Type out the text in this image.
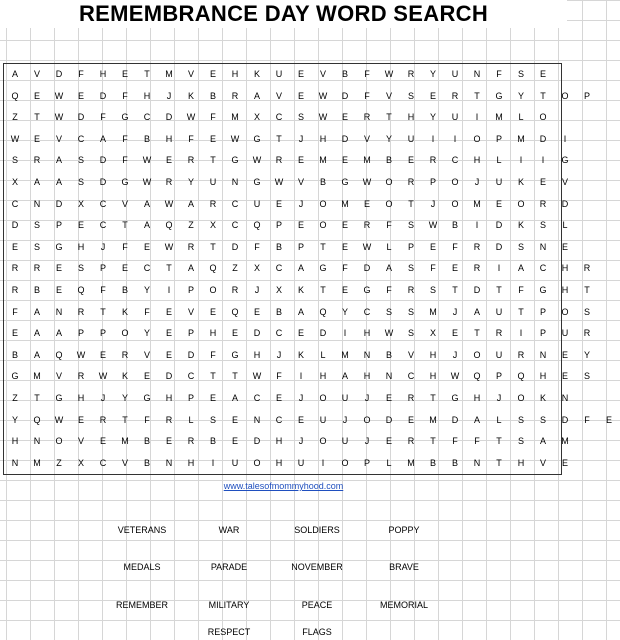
REMEMBRANCE DAY WORD SEARCH
A	V	D	F	H	E	T	M	V	E	H	K	U	E	V	B	F	W	R	Y	U	N	F	S	E
Q	E	W	E	D	F	H	J	K	B	R	A	V	E	W	D	F	V	S	E	R	T	G	Y	T	O	P
Z	T	W	D	F	G	C	D	W	F	M	X	C	S	W	E	R	T	H	Y	U	I	M	L	O
W	E	V	C	A	F	B	H	F	E	W	G	T	J	H	D	V	Y	U	I	I	O	P	M	D	I
S	R	A	S	D	F	W	E	R	T	G	W	R	E	M	E	M	B	E	R	C	H	L	I	I	G
X	A	A	S	D	G	W	R	Y	U	N	G	W	V	B	G	W	O	R	P	O	J	U	K	E	V
C	N	D	X	C	V	A	W	A	R	C	U	E	J	O	M	E	O	T	J	O	M	E	O	R	D
D	S	P	E	C	T	A	Q	Z	X	C	Q	P	E	O	E	R	F	S	W	B	I	D	K	S	L
E	S	G	H	J	F	E	W	R	T	D	F	B	P	T	E	W	L	P	E	F	R	D	S	N	E
R	R	E	S	P	E	C	T	A	Q	Z	X	C	A	G	F	D	A	S	F	E	R	I	A	C	H	R
R	B	E	Q	F	B	Y	I	P	O	R	J	X	K	T	E	G	F	R	S	T	D	T	F	G	H	T
F	A	N	R	T	K	F	E	V	E	Q	E	B	A	Q	Y	C	S	S	M	J	A	U	T	P	O	S
E	A	A	P	P	O	Y	E	P	H	E	D	C	E	D	I	H	W	S	X	E	T	R	I	P	U	R
B	A	Q	W	E	R	V	E	D	F	G	H	J	K	L	M	N	B	V	H	J	O	U	R	N	E	Y
G	M	V	R	W	K	E	D	C	T	T	W	F	I	H	A	H	N	C	H	W	Q	P	Q	H	E	S
Z	T	G	H	J	Y	G	H	P	E	A	C	E	J	O	U	J	E	R	T	G	H	J	O	K	N
Y	Q	W	E	R	T	F	R	L	S	E	N	C	E	U	J	O	D	E	M	D	A	L	S	S	D	F	E
H	N	O	V	E	M	B	E	R	B	E	D	H	J	O	U	J	E	R	T	F	F	T	S	A	M
N	M	Z	X	C	V	B	N	H	I	U	O	H	U	I	O	P	L	M	B	B	N	T	H	V	E
www.talesofmommyhood.com
VETERANS	WAR	SOLDIERS	POPPY
MEDALS	PARADE	NOVEMBER	BRAVE
REMEMBER	MILITARY	PEACE	MEMORIAL
RESPECT	FLAGS
